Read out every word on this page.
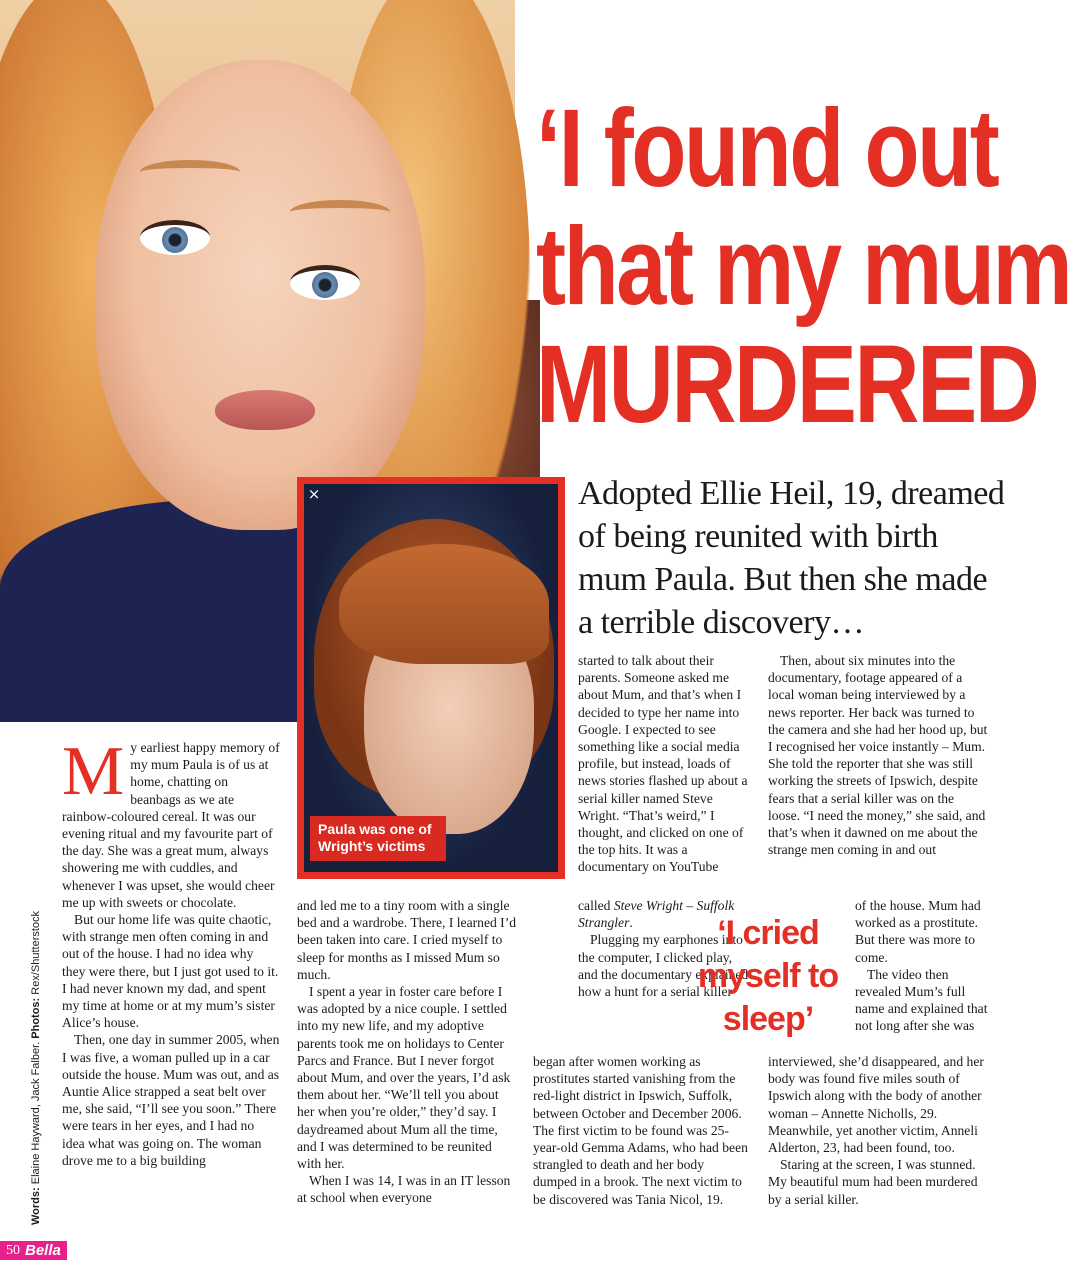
‘I found out
that my mum
MURDERED

Adopted Ellie Heil, 19, dreamed of being reunited with birth mum Paula. But then she made a terrible discovery…

Paula was one of Wright’s victims
×
M y earliest happy memory of my mum Paula is of us at home, chatting on beanbags as we ate rainbow-coloured cereal. It was our evening ritual and my favourite part of the day. She was a great mum, always showering me with cuddles, and whenever I was upset, she would cheer me up with sweets or chocolate.

But our home life was quite chaotic, with strange men often coming in and out of the house. I had no idea why they were there, but I just got used to it. I had never known my dad, and spent my time at home or at my mum’s sister Alice’s house.

Then, one day in summer 2005, when I was five, a woman pulled up in a car outside the house. Mum was out, and as Auntie Alice strapped a seat belt over me, she said, “I’ll see you soon.” There were tears in her eyes, and I had no idea what was going on. The woman drove me to a big building

and led me to a tiny room with a single bed and a wardrobe. There, I learned I’d been taken into care. I cried myself to sleep for months as I missed Mum so much.

I spent a year in foster care before I was adopted by a nice couple. I settled into my new life, and my adoptive parents took me on holidays to Center Parcs and France. But I never forgot about Mum, and over the years, I’d ask them about her. “We’ll tell you about her when you’re older,” they’d say. I daydreamed about Mum all the time, and I was determined to be reunited with her.

When I was 14, I was in an IT lesson at school when everyone

started to talk about their parents. Someone asked me about Mum, and that’s when I decided to type her name into Google. I expected to see something like a social media profile, but instead, loads of news stories flashed up about a serial killer named Steve Wright. “That’s weird,” I thought, and clicked on one of the top hits. It was a documentary on YouTube

called Steve Wright – Suffolk Strangler.

Plugging my earphones into the computer, I clicked play, and the documentary explained how a hunt for a serial killer

began after women working as prostitutes started vanishing from the red-light district in Ipswich, Suffolk, between October and December 2006. The first victim to be found was 25-year-old Gemma Adams, who had been strangled to death and her body dumped in a brook. The next victim to be discovered was Tania Nicol, 19.

‘I cried myself to sleep’

Then, about six minutes into the documentary, footage appeared of a local woman being interviewed by a news reporter. Her back was turned to the camera and she had her hood up, but I recognised her voice instantly – Mum. She told the reporter that she was still working the streets of Ipswich, despite fears that a serial killer was on the loose. “I need the money,” she said, and that’s when it dawned on me about the strange men coming in and out

of the house. Mum had worked as a prostitute. But there was more to come.

The video then revealed Mum’s full name and explained that not long after she was

interviewed, she’d disappeared, and her body was found five miles south of Ipswich along with the body of another woman – Annette Nicholls, 29. Meanwhile, yet another victim, Anneli Alderton, 23, had been found, too.

Staring at the screen, I was stunned. My beautiful mum had been murdered by a serial killer.

Words: Elaine Hayward, Jack Falber. Photos: Rex/Shutterstock
50 Bella
